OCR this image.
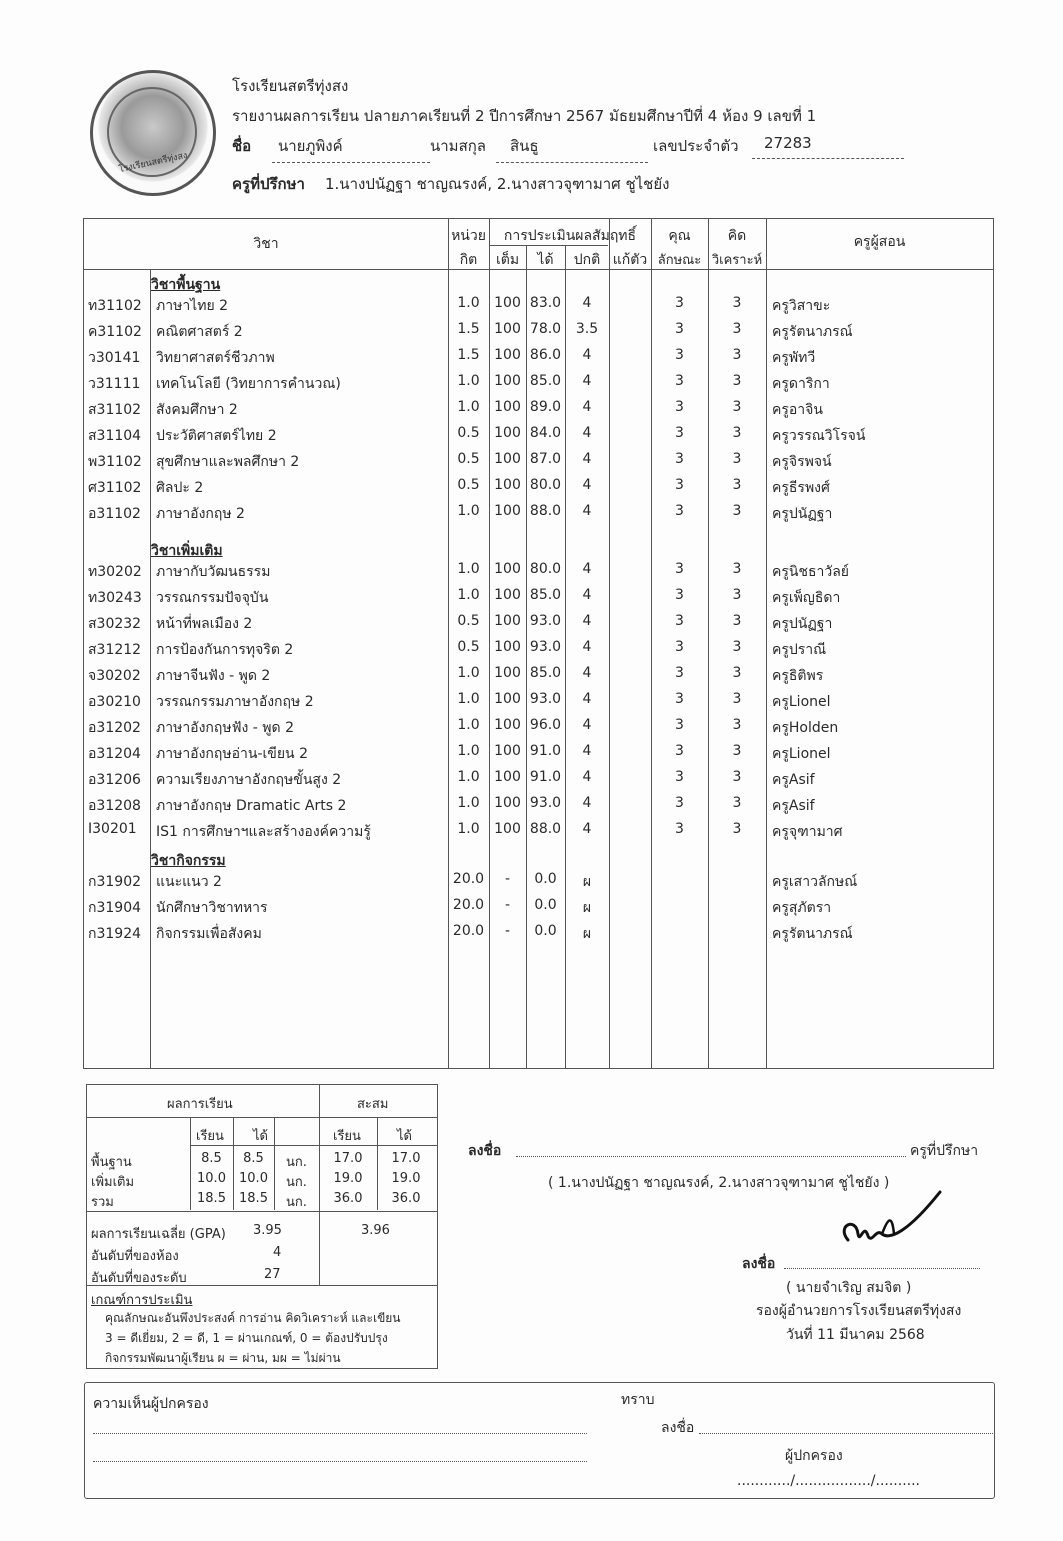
โรงเรียนสตรีทุ่งสง
โรงเรียนสตรีทุ่งสง
รายงานผลการเรียน ปลายภาคเรียนที่ 2 ปีการศึกษา 2567 มัธยมศึกษาปีที่ 4 ห้อง 9 เลขที่ 1
ชื่อ นายภูพิงค์	นามสกุล สินธู	เลขประจำตัว 27283
ครูที่ปรึกษา 1.นางปนัฏฐา ชาญณรงค์, 2.นางสาวจุฑามาศ ชูไชยัง
วิชา	หน่วย
กิต
การประเมินผลสัมฤทธิ์
เต็ม	ได้	ปกติ แก้ตัว
คุณ
ลักษณะ
คิด
วิเคราะห์
ครูผู้สอน
วิชาพื้นฐาน
ท31102	ภาษาไทย 2	1.0	100 83.0	4	3	3	ครูวิสาขะ
ค31102	คณิตศาสตร์ 2	1.5	100 78.0	3.5	3	3	ครูรัตนาภรณ์
ว30141	วิทยาศาสตร์ชีวภาพ	1.5	100 86.0	4	3	3	ครูพัทวี
ว31111	เทคโนโลยี (วิทยาการคำนวณ)	1.0	100 85.0	4	3	3	ครูดาริกา
ส31102	สังคมศึกษา 2	1.0	100 89.0	4	3	3	ครูอาจิน
ส31104	ประวัติศาสตร์ไทย 2	0.5	100 84.0	4	3	3	ครูวรรณวิโรจน์
พ31102	สุขศึกษาและพลศึกษา 2	0.5	100 87.0	4	3	3	ครูจิรพจน์
ศ31102	ศิลปะ 2	0.5	100 80.0	4	3	3	ครูธีรพงศ์
อ31102	ภาษาอังกฤษ 2	1.0	100 88.0	4	3	3	ครูปนัฏฐา
วิชาเพิ่มเติม
ท30202	ภาษากับวัฒนธรรม	1.0	100 80.0	4	3	3	ครูนิชธาวัลย์
ท30243	วรรณกรรมปัจจุบัน	1.0	100 85.0	4	3	3	ครูเพ็ญธิดา
ส30232	หน้าที่พลเมือง 2	0.5	100 93.0	4	3	3	ครูปนัฏฐา
ส31212	การป้องกันการทุจริต 2	0.5	100 93.0	4	3	3	ครูปราณี
จ30202	ภาษาจีนฟัง - พูด 2	1.0	100 85.0	4	3	3	ครูธิติพร
อ30210	วรรณกรรมภาษาอังกฤษ 2	1.0	100 93.0	4	3	3	ครูLionel
อ31202	ภาษาอังกฤษฟัง - พูด 2	1.0	100 96.0	4	3	3	ครูHolden
อ31204	ภาษาอังกฤษอ่าน-เขียน 2	1.0	100 91.0	4	3	3	ครูLionel
อ31206	ความเรียงภาษาอังกฤษขั้นสูง 2	1.0	100 91.0	4	3	3	ครูAsif
อ31208	ภาษาอังกฤษ Dramatic Arts 2	1.0	100 93.0	4	3	3	ครูAsif
I30201	IS1 การศึกษาฯและสร้างองค์ความรู้	1.0	100 88.0	4	3	3	ครูจุฑามาศ
วิชากิจกรรม
ก31902	แนะแนว 2	20.0	-	0.0	ผ	ครูเสาวลักษณ์
ก31904	นักศึกษาวิชาทหาร	20.0	-	0.0	ผ	ครูสุภัตรา
ก31924	กิจกรรมเพื่อสังคม	20.0	-	0.0	ผ	ครูรัตนาภรณ์
ผลการเรียน	สะสม
เรียน ได้	เรียน	ได้
พื้นฐาน	8.5	8.5	นก.	17.0	17.0
เพิ่มเติม	10.0	10.0	นก.	19.0	19.0
รวม	18.5	18.5	นก.	36.0	36.0
ผลการเรียนเฉลี่ย (GPA) 3.95	3.96
อันดับที่ของห้อง	4
อันดับที่ของระดับ	27
เกณฑ์การประเมิน
คุณลักษณะอันพึงประสงค์ การอ่าน คิดวิเคราะห์ และเขียน
3 = ดีเยี่ยม, 2 = ดี, 1 = ผ่านเกณฑ์, 0 = ต้องปรับปรุง
กิจกรรมพัฒนาผู้เรียน ผ = ผ่าน, มผ = ไม่ผ่าน
ลงชื่อ	ครูที่ปรึกษา
( 1.นางปนัฏฐา ชาญณรงค์, 2.นางสาวจุฑามาศ ชูไชยัง )
ลงชื่อ
( นายจำเริญ สมจิต )
รองผู้อำนวยการโรงเรียนสตรีทุ่งสง
วันที่ 11 มีนาคม 2568
ความเห็นผู้ปกครอง	ทราบ
ลงชื่อ
ผู้ปกครอง
............/................./..........
